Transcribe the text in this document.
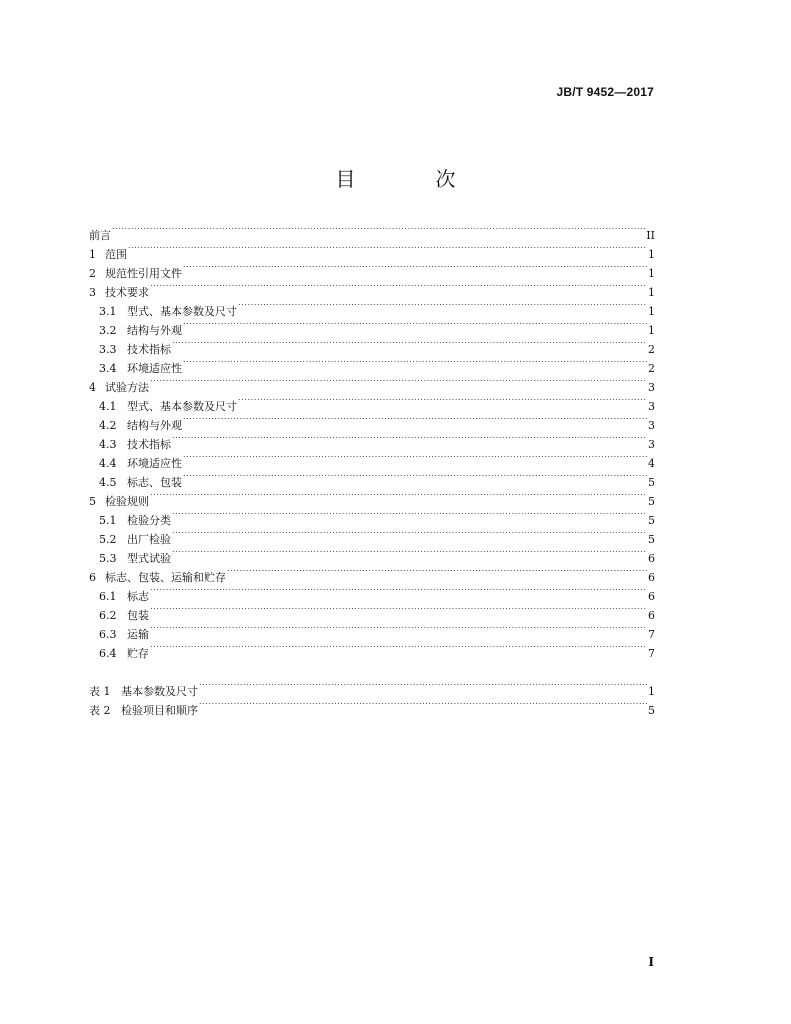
JB/T 9452—2017
目　次
前言 .....	II
1 范围 .....	1
2 规范性引用文件 .....	1
3 技术要求 .....	1
3.1 型式、基本参数及尺寸 .....	1
3.2 结构与外观 .....	1
3.3 技术指标 .....	2
3.4 环境适应性 .....	2
4 试验方法 .....	3
4.1 型式、基本参数及尺寸 .....	3
4.2 结构与外观 .....	3
4.3 技术指标 .....	3
4.4 环境适应性 .....	4
4.5 标志、包装 .....	5
5 检验规则 .....	5
5.1 检验分类 .....	5
5.2 出厂检验 .....	5
5.3 型式试验 .....	6
6 标志、包装、运输和贮存 .....	6
6.1 标志 .....	6
6.2 包装 .....	6
6.3 运输 .....	7
6.4 贮存 .....	7
表 1 基本参数及尺寸 .....	1
表 2 检验项目和顺序 .....	5
I
